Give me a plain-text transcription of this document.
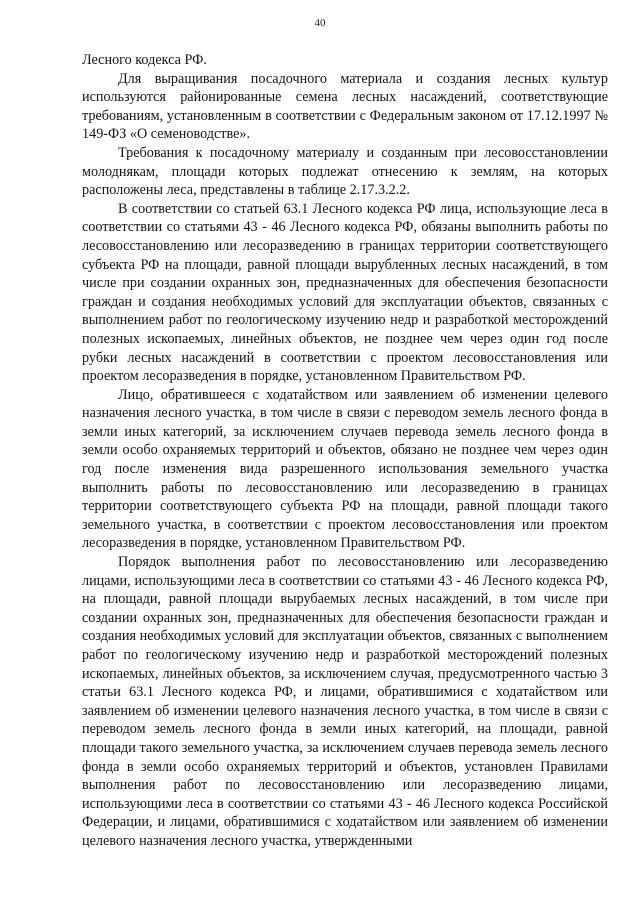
40

Лесного кодекса РФ.

Для выращивания посадочного материала и создания лесных культур используются районированные семена лесных насаждений, соответствующие требованиям, установленным в соответствии с Федеральным законом от 17.12.1997 № 149-ФЗ «О семеноводстве».

Требования к посадочному материалу и созданным при лесовосстановлении молоднякам, площади которых подлежат отнесению к землям, на которых расположены леса, представлены в таблице 2.17.3.2.2.

В соответствии со статьей 63.1 Лесного кодекса РФ лица, использующие леса в соответствии со статьями 43 - 46 Лесного кодекса РФ, обязаны выполнить работы по лесовосстановлению или лесоразведению в границах территории соответствующего субъекта РФ на площади, равной площади вырубленных лесных насаждений, в том числе при создании охранных зон, предназначенных для обеспечения безопасности граждан и создания необходимых условий для эксплуатации объектов, связанных с выполнением работ по геологическому изучению недр и разработкой месторождений полезных ископаемых, линейных объектов, не позднее чем через один год после рубки лесных насаждений в соответствии с проектом лесовосстановления или проектом лесоразведения в порядке, установленном Правительством РФ.

Лицо, обратившееся с ходатайством или заявлением об изменении целевого назначения лесного участка, в том числе в связи с переводом земель лесного фонда в земли иных категорий, за исключением случаев перевода земель лесного фонда в земли особо охраняемых территорий и объектов, обязано не позднее чем через один год после изменения вида разрешенного использования земельного участка выполнить работы по лесовосстановлению или лесоразведению в границах территории соответствующего субъекта РФ на площади, равной площади такого земельного участка, в соответствии с проектом лесовосстановления или проектом лесоразведения в порядке, установленном Правительством РФ.

Порядок выполнения работ по лесовосстановлению или лесоразведению лицами, использующими леса в соответствии со статьями 43 - 46 Лесного кодекса РФ, на площади, равной площади вырубаемых лесных насаждений, в том числе при создании охранных зон, предназначенных для обеспечения безопасности граждан и создания необходимых условий для эксплуатации объектов, связанных с выполнением работ по геологическому изучению недр и разработкой месторождений полезных ископаемых, линейных объектов, за исключением случая, предусмотренного частью 3 статьи 63.1 Лесного кодекса РФ, и лицами, обратившимися с ходатайством или заявлением об изменении целевого назначения лесного участка, в том числе в связи с переводом земель лесного фонда в земли иных категорий, на площади, равной площади такого земельного участка, за исключением случаев перевода земель лесного фонда в земли особо охраняемых территорий и объектов, установлен Правилами выполнения работ по лесовосстановлению или лесоразведению лицами, использующими леса в соответствии со статьями 43 - 46 Лесного кодекса Российской Федерации, и лицами, обратившимися с ходатайством или заявлением об изменении целевого назначения лесного участка, утвержденными
